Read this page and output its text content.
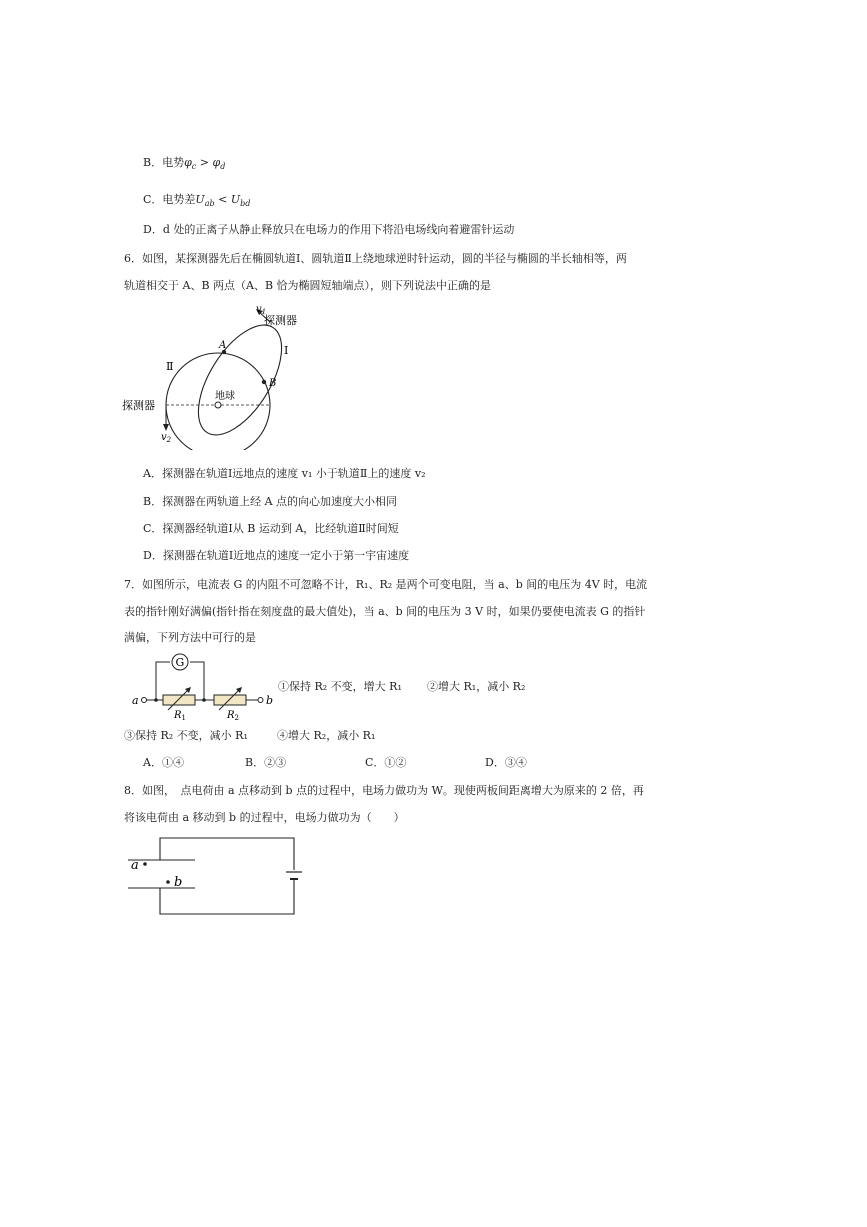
B．电势$\varphi_c > \varphi_d$
C．电势差$U_{ab} < U_{bd}$
D．d 处的正离子从静止释放只在电场力的作用下将沿电场线向着避雷针运动
6．如图，某探测器先后在椭圆轨道Ⅰ、圆轨道Ⅱ上绕地球逆时针运动，圆的半径与椭圆的半长轴相等，两
轨道相交于 A、B 两点（A、B 恰为椭圆短轴端点），则下列说法中正确的是
$v_1$
探测器
Ⅰ
Ⅱ
A
B
地球
探测器
$v_2$
A．探测器在轨道Ⅰ远地点的速度 v₁ 小于轨道Ⅱ上的速度 v₂
B．探测器在两轨道上经 A 点的向心加速度大小相同
C．探测器经轨道Ⅰ从 B 运动到 A，比经轨道Ⅱ时间短
D．探测器在轨道Ⅰ近地点的速度一定小于第一宇宙速度
7．如图所示，电流表 G 的内阻不可忽略不计，R₁、R₂ 是两个可变电阻，当 a、b 间的电压为 4V 时，电流
表的指针刚好满偏(指针指在刻度盘的最大值处)，当 a、b 间的电压为 3 V 时，如果仍要使电流表 G 的指针
满偏，下列方法中可行的是
G
a	b
$R_1$	$R_2$
①保持 R₂ 不变，增大 R₁ ②增大 R₁，减小 R₂
③保持 R₂ 不变，减小 R₁	④增大 R₂，减小 R₁
A．①④	B．②③	C．①②	D．③④
8．如图，　点电荷由 a 点移动到 b 点的过程中，电场力做功为 W。现使两板间距离增大为原来的 2 倍，再
将该电荷由 a 移动到 b 的过程中，电场力做功为（　　）
a
b
